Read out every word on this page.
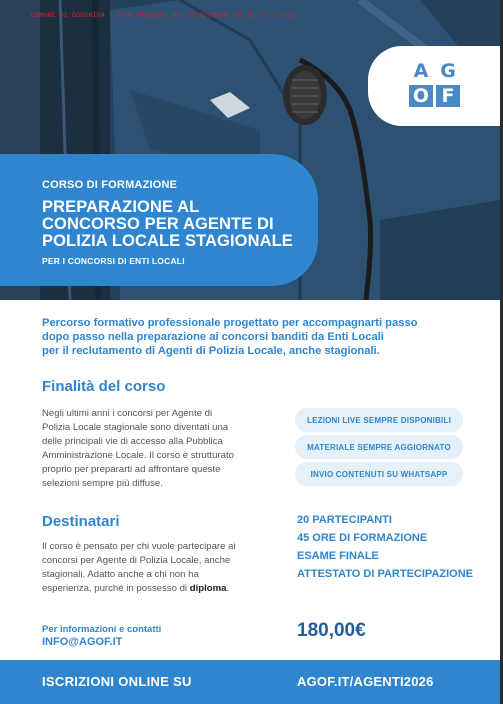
COMUNE DI BORGHIDA - Prot 0001671 del 27/02/2026 Tit IV Cl 1 Fasc
A G
O F
CORSO DI FORMAZIONE
PREPARAZIONE AL
CONCORSO PER AGENTE DI
POLIZIA LOCALE STAGIONALE
PER I CONCORSI DI ENTI LOCALI
Percorso formativo professionale progettato per accompagnarti passo
dopo passo nella preparazione ai concorsi banditi da Enti Locali
per il reclutamento di Agenti di Polizia Locale, anche stagionali.
Finalità del corso
Negli ultimi anni i concorsi per Agente di
Polizia Locale stagionale sono diventati una
delle principali vie di accesso alla Pubblica
Amministrazione Locale. Il corso è strutturato
proprio per prepararti ad affrontare queste
selezioni sempre più diffuse.
LEZIONI LIVE SEMPRE DISPONIBILI
MATERIALE SEMPRE AGGIORNATO
INVIO CONTENUTI SU WHATSAPP
Destinatari
Il corso è pensato per chi vuole partecipare ai
concorsi per Agente di Polizia Locale, anche
stagionali. Adatto anche a chi non ha
esperienza, purché in possesso di diploma.
20 PARTECIPANTI
45 ORE DI FORMAZIONE
ESAME FINALE
ATTESTATO DI PARTECIPAZIONE
Per informazioni e contatti
INFO@AGOF.IT
180,00€
ISCRIZIONI ONLINE SU	AGOF.IT/AGENTI2026
